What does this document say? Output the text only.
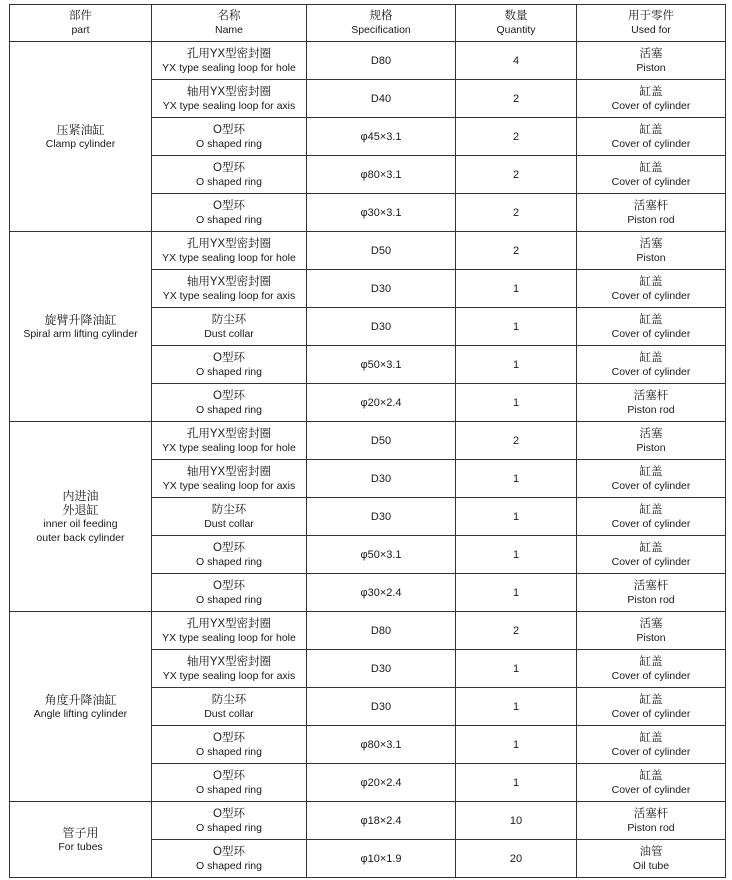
部件
part	名称
Name	规格
Specification	数量
Quantity	用于零件
Used for

压紧油缸
Clamp cylinder	孔用YX型密封圈
YX type sealing loop for hole	D80	4	活塞
Piston

	轴用YX型密封圈
YX type sealing loop for axis	D40	2	缸盖
Cover of cylinder

	O型环
O shaped ring	φ45×3.1	2	缸盖
Cover of cylinder

	O型环
O shaped ring	φ80×3.1	2	缸盖
Cover of cylinder

	O型环
O shaped ring	φ30×3.1	2	活塞杆
Piston rod

旋臂升降油缸
Spiral arm lifting cylinder	孔用YX型密封圈
YX type sealing loop for hole	D50	2	活塞
Piston

	轴用YX型密封圈
YX type sealing loop for axis	D30	1	缸盖
Cover of cylinder

	防尘环
Dust collar	D30	1	缸盖
Cover of cylinder

	O型环
O shaped ring	φ50×3.1	1	缸盖
Cover of cylinder

	O型环
O shaped ring	φ20×2.4	1	活塞杆
Piston rod

内进油
外退缸
inner oil feeding
outer back cylinder	孔用YX型密封圈
YX type sealing loop for hole	D50	2	活塞
Piston

	轴用YX型密封圈
YX type sealing loop for axis	D30	1	缸盖
Cover of cylinder

	防尘环
Dust collar	D30	1	缸盖
Cover of cylinder

	O型环
O shaped ring	φ50×3.1	1	缸盖
Cover of cylinder

	O型环
O shaped ring	φ30×2.4	1	活塞杆
Piston rod

角度升降油缸
Angle lifting cylinder	孔用YX型密封圈
YX type sealing loop for hole	D80	2	活塞
Piston

	轴用YX型密封圈
YX type sealing loop for axis	D30	1	缸盖
Cover of cylinder

	防尘环
Dust collar	D30	1	缸盖
Cover of cylinder

	O型环
O shaped ring	φ80×3.1	1	缸盖
Cover of cylinder

	O型环
O shaped ring	φ20×2.4	1	缸盖
Cover of cylinder

管子用
For tubes	O型环
O shaped ring	φ18×2.4	10	活塞杆
Piston rod

	O型环
O shaped ring	φ10×1.9	20	油管
Oil tube
